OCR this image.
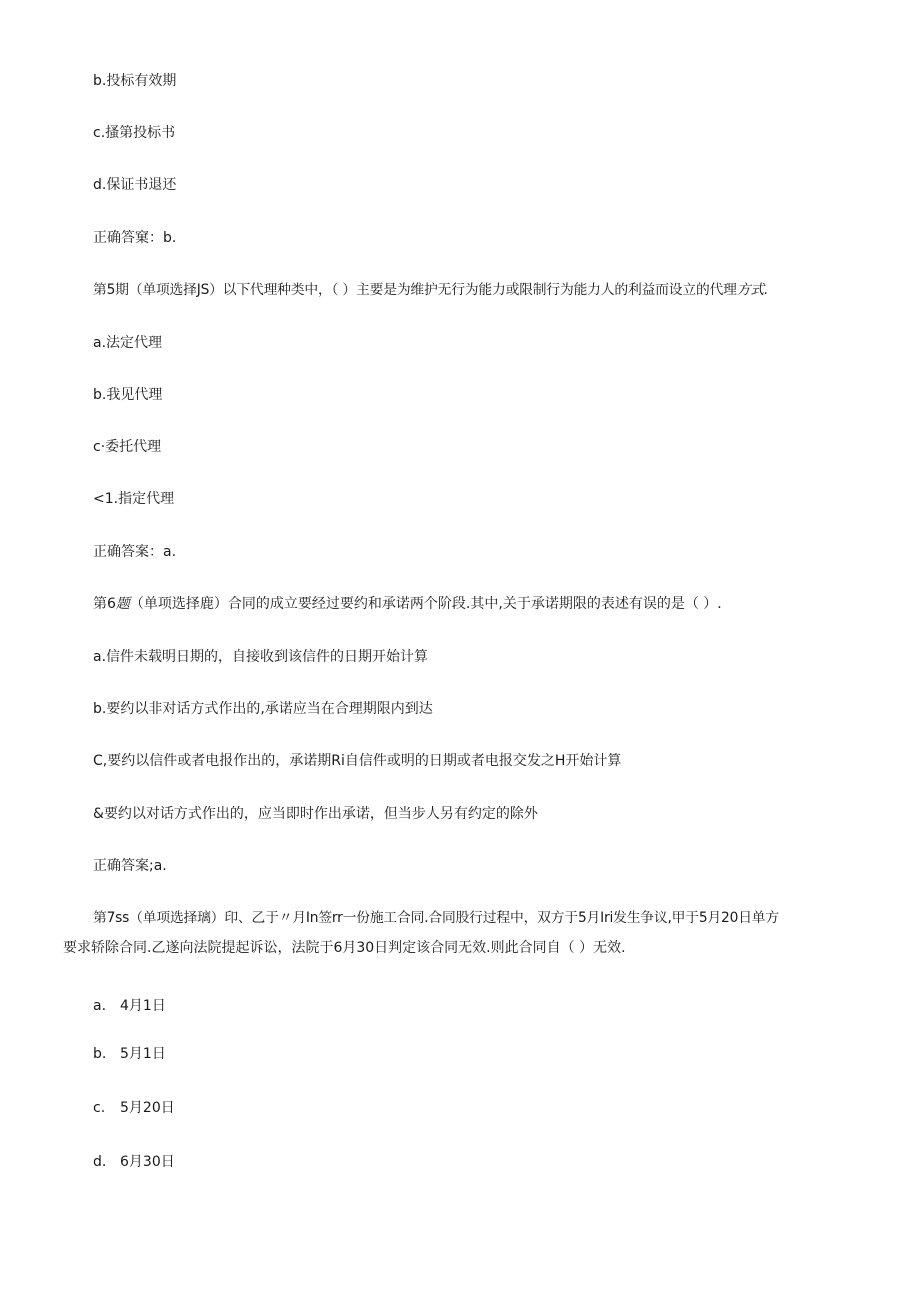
b.投标有效期
c.搔第投标书
d.保证书退还
正确答窠：b.
第5期（单项选择JS）以下代理种类中，（ ）主要是为维护无行为能力或限制行为能力人的利益而设立的代理方式.
a.法定代理
b.我见代理
c·委托代理
<1.指定代理
正确答案：a.
第6题（单项选择鹿）合同的成立要经过要约和承诺两个阶段.其中,关于承诺期限的表述有误的是（ ）.
a.信件未载明日期的，自接收到该信件的日期开始计算
b.要约以非对话方式作出的,承诺应当在合理期限内到达
C,要约以信件或者电报作出的，承诺期Ri自信件或明的日期或者电报交发之H开始计算
&要约以对话方式作出的，应当即时作出承诺，但当步人另有约定的除外
正确答案;a.
第7ss（单项选择璃）印、乙于〃月In签rr一份施工合同.合同股行过程中，双方于5月Iri发生争议,甲于5月20日单方
要求轿除合同.乙遂向法院提起诉讼，法院于6月30日判定该合同无效.则此合同自（ ）无效.
a. 4月1日
b. 5月1日
c. 5月20日
d. 6月30日
